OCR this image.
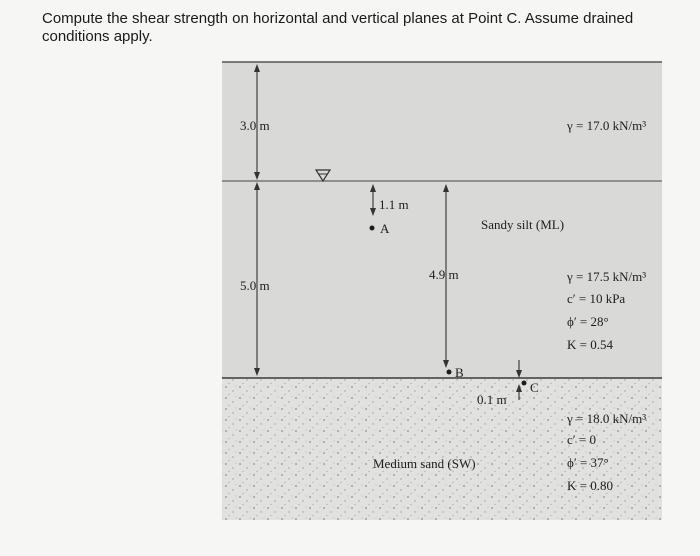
Compute the shear strength on horizontal and vertical planes at Point C. Assume drained conditions apply.
3.0 m
5.0 m
1.1 m
A
4.9 m
B
0.1 m
C
Sandy silt (ML)
Medium sand (SW)
γ = 17.0 kN/m³
γ = 17.5 kN/m³
c′ = 10 kPa
ϕ′ = 28°
K = 0.54
γ = 18.0 kN/m³
c′ = 0
ϕ′ = 37°
K = 0.80
